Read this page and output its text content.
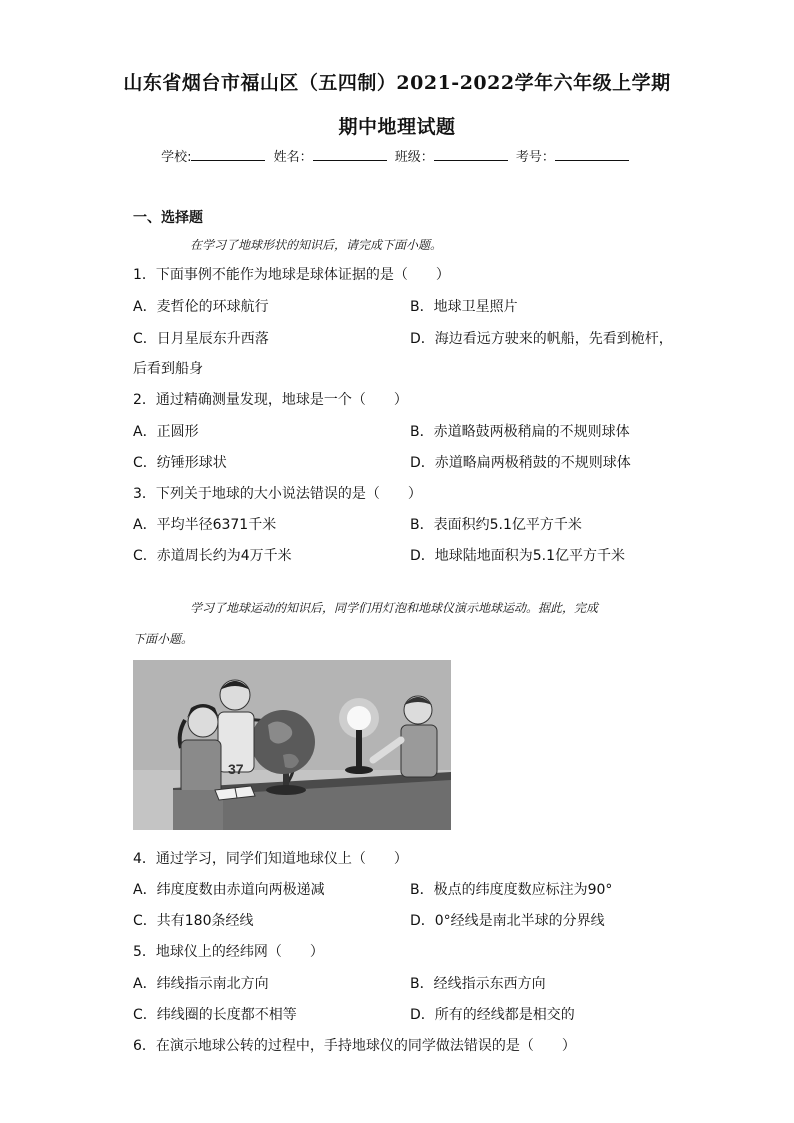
山东省烟台市福山区（五四制）2021-2022学年六年级上学期
期中地理试题
学校:	姓名：	班级：	考号：
一、选择题
在学习了地球形状的知识后，请完成下面小题。
1．下面事例不能作为地球是球体证据的是（　　）
A．麦哲伦的环球航行	B．地球卫星照片
C．日月星辰东升西落	D．海边看远方驶来的帆船，先看到桅杆，
后看到船身
2．通过精确测量发现，地球是一个（　　）
A．正圆形	B．赤道略鼓两极稍扁的不规则球体
C．纺锤形球状	D．赤道略扁两极稍鼓的不规则球体
3．下列关于地球的大小说法错误的是（　　）
A．平均半径6371千米	B．表面积约5.1亿平方千米
C．赤道周长约为4万千米	D．地球陆地面积为5.1亿平方千米
学习了地球运动的知识后，同学们用灯泡和地球仪演示地球运动。据此，完成
下面小题。
37
4．通过学习，同学们知道地球仪上（　　）
A．纬度度数由赤道向两极递减	B．极点的纬度度数应标注为90°
C．共有180条经线	D．0°经线是南北半球的分界线
5．地球仪上的经纬网（　　）
A．纬线指示南北方向	B．经线指示东西方向
C．纬线圈的长度都不相等	D．所有的经线都是相交的
6．在演示地球公转的过程中，手持地球仪的同学做法错误的是（　　）
